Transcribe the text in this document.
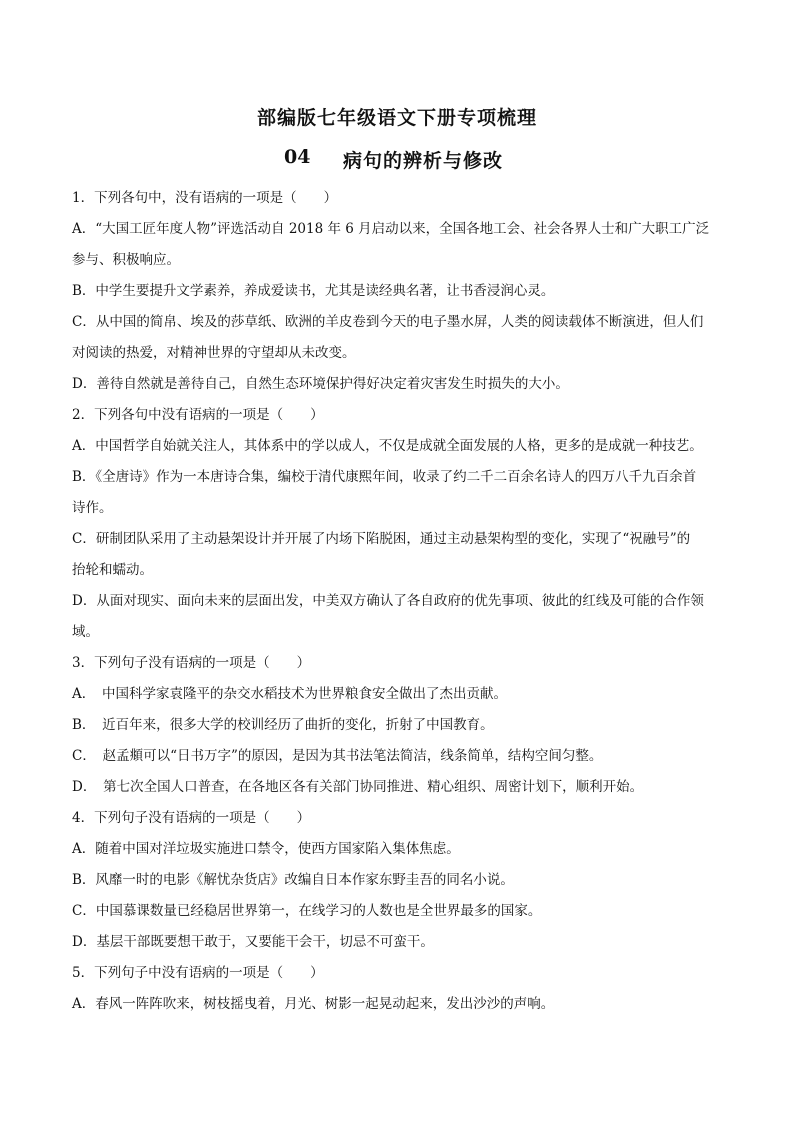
部编版七年级语文下册专项梳理
04 病句的辨析与修改
1．下列各句中，没有语病的一项是（　　）
A．“大国工匠年度人物”评选活动自 2018 年 6 月启动以来，全国各地工会、社会各界人士和广大职工广泛
参与、积极响应。
B．中学生要提升文学素养，养成爱读书，尤其是读经典名著，让书香浸润心灵。
C．从中国的简帛、埃及的莎草纸、欧洲的羊皮卷到今天的电子墨水屏，人类的阅读载体不断演进，但人们
对阅读的热爱，对精神世界的守望却从未改变。
D．善待自然就是善待自己，自然生态环境保护得好决定着灾害发生时损失的大小。
2．下列各句中没有语病的一项是（　　）
A．中国哲学自始就关注人，其体系中的学以成人，不仅是成就全面发展的人格，更多的是成就一种技艺。
B．《全唐诗》作为一本唐诗合集，编校于清代康熙年间，收录了约二千二百余名诗人的四万八千九百余首
诗作。
C．研制团队采用了主动悬架设计并开展了内场下陷脱困，通过主动悬架构型的变化，实现了“祝融号”的
抬轮和蠕动。
D．从面对现实、面向未来的层面出发，中美双方确认了各自政府的优先事项、彼此的红线及可能的合作领
域。
3．下列句子没有语病的一项是（　　）
A．　中国科学家袁隆平的杂交水稻技术为世界粮食安全做出了杰出贡献。
B．　近百年来，很多大学的校训经历了曲折的变化，折射了中国教育。
C．　赵孟頫可以“日书万字”的原因，是因为其书法笔法简洁，线条简单，结构空间匀整。
D．　第七次全国人口普查，在各地区各有关部门协同推进、精心组织、周密计划下，顺利开始。
4．下列句子没有语病的一项是（　　）
A．随着中国对洋垃圾实施进口禁令，使西方国家陷入集体焦虑。
B．风靡一时的电影《解忧杂货店》改编自日本作家东野圭吾的同名小说。
C．中国慕课数量已经稳居世界第一，在线学习的人数也是全世界最多的国家。
D．基层干部既要想干敢于，又要能干会干，切忌不可蛮干。
5．下列句子中没有语病的一项是（　　）
A．春风一阵阵吹来，树枝摇曳着，月光、树影一起晃动起来，发出沙沙的声响。
